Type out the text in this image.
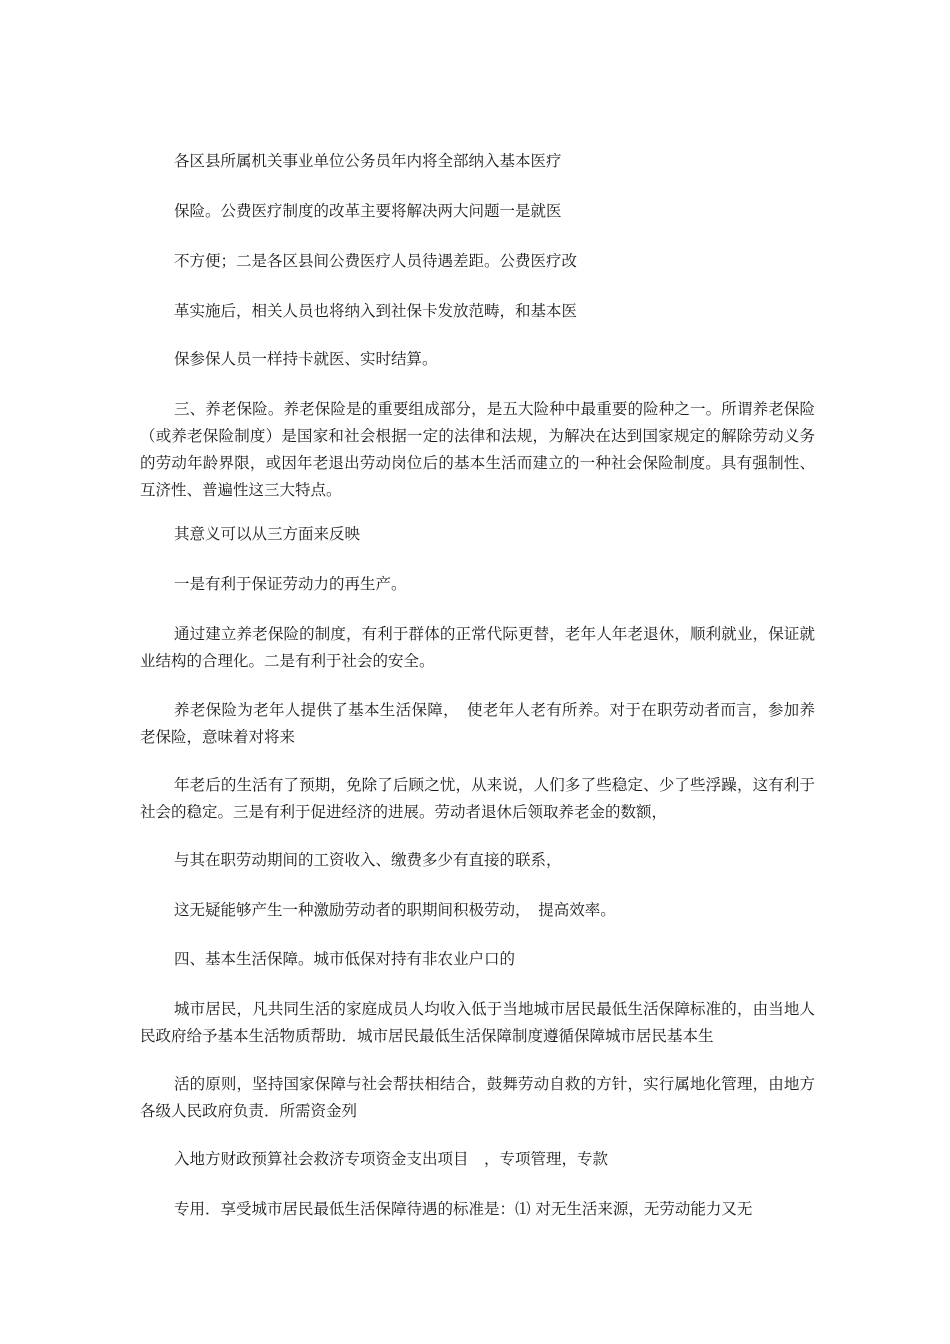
各区县所属机关事业单位公务员年内将全部纳入基本医疗

保险。公费医疗制度的改革主要将解决两大问题一是就医

不方便；二是各区县间公费医疗人员待遇差距。公费医疗改

革实施后，相关人员也将纳入到社保卡发放范畴，和基本医

保参保人员一样持卡就医、实时结算。

三、养老保险。养老保险是的重要组成部分，是五大险种中最重要的险种之一。所谓养老保险（或养老保险制度）是国家和社会根据一定的法律和法规，为解决在达到国家规定的解除劳动义务的劳动年龄界限，或因年老退出劳动岗位后的基本生活而建立的一种社会保险制度。具有强制性、互济性、普遍性这三大特点。

其意义可以从三方面来反映

一是有利于保证劳动力的再生产。

通过建立养老保险的制度，有利于群体的正常代际更替，老年人年老退休，顺利就业，保证就业结构的合理化。二是有利于社会的安全。

养老保险为老年人提供了基本生活保障，　使老年人老有所养。对于在职劳动者而言，参加养老保险，意味着对将来

年老后的生活有了预期，免除了后顾之忧，从来说，人们多了些稳定、少了些浮躁，这有利于社会的稳定。三是有利于促进经济的进展。劳动者退休后领取养老金的数额，

与其在职劳动期间的工资收入、缴费多少有直接的联系，

这无疑能够产生一种激励劳动者的职期间积极劳动，　提高效率。

四、基本生活保障。城市低保对持有非农业户口的

城市居民，凡共同生活的家庭成员人均收入低于当地城市居民最低生活保障标准的，由当地人民政府给予基本生活物质帮助．城市居民最低生活保障制度遵循保障城市居民基本生

活的原则，坚持国家保障与社会帮扶相结合，鼓舞劳动自救的方针，实行属地化管理，由地方各级人民政府负责．所需资金列

入地方财政预算社会救济专项资金支出项目　，专项管理，专款

专用．享受城市居民最低生活保障待遇的标准是：⑴ 对无生活来源，无劳动能力又无
